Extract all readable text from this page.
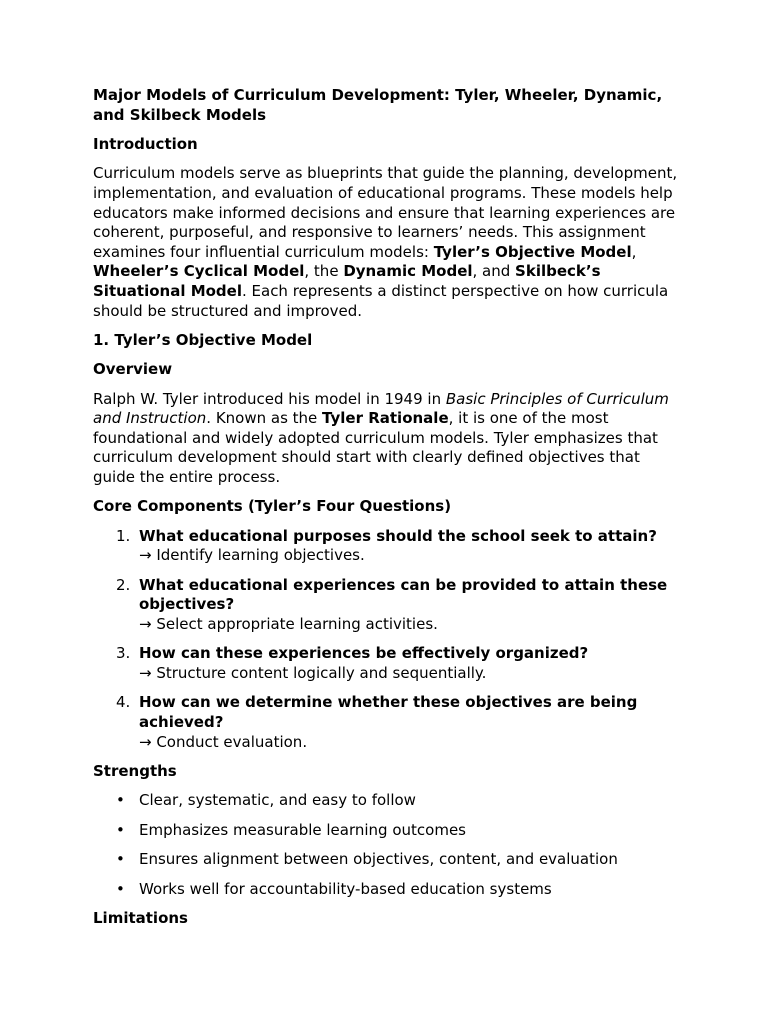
Major Models of Curriculum Development: Tyler, Wheeler, Dynamic, and Skilbeck Models

Introduction

Curriculum models serve as blueprints that guide the planning, development, implementation, and evaluation of educational programs. These models help educators make informed decisions and ensure that learning experiences are coherent, purposeful, and responsive to learners’ needs. This assignment examines four influential curriculum models: Tyler’s Objective Model, Wheeler’s Cyclical Model, the Dynamic Model, and Skilbeck’s Situational Model. Each represents a distinct perspective on how curricula should be structured and improved.

1. Tyler’s Objective Model

Overview

Ralph W. Tyler introduced his model in 1949 in Basic Principles of Curriculum and Instruction. Known as the Tyler Rationale, it is one of the most foundational and widely adopted curriculum models. Tyler emphasizes that curriculum development should start with clearly defined objectives that guide the entire process.

Core Components (Tyler’s Four Questions)

1. What educational purposes should the school seek to attain?
→ Identify learning objectives.
2. What educational experiences can be provided to attain these objectives?
→ Select appropriate learning activities.
3. How can these experiences be effectively organized?
→ Structure content logically and sequentially.
4. How can we determine whether these objectives are being achieved?
→ Conduct evaluation.

Strengths

• Clear, systematic, and easy to follow
• Emphasizes measurable learning outcomes
• Ensures alignment between objectives, content, and evaluation
• Works well for accountability-based education systems

Limitations
